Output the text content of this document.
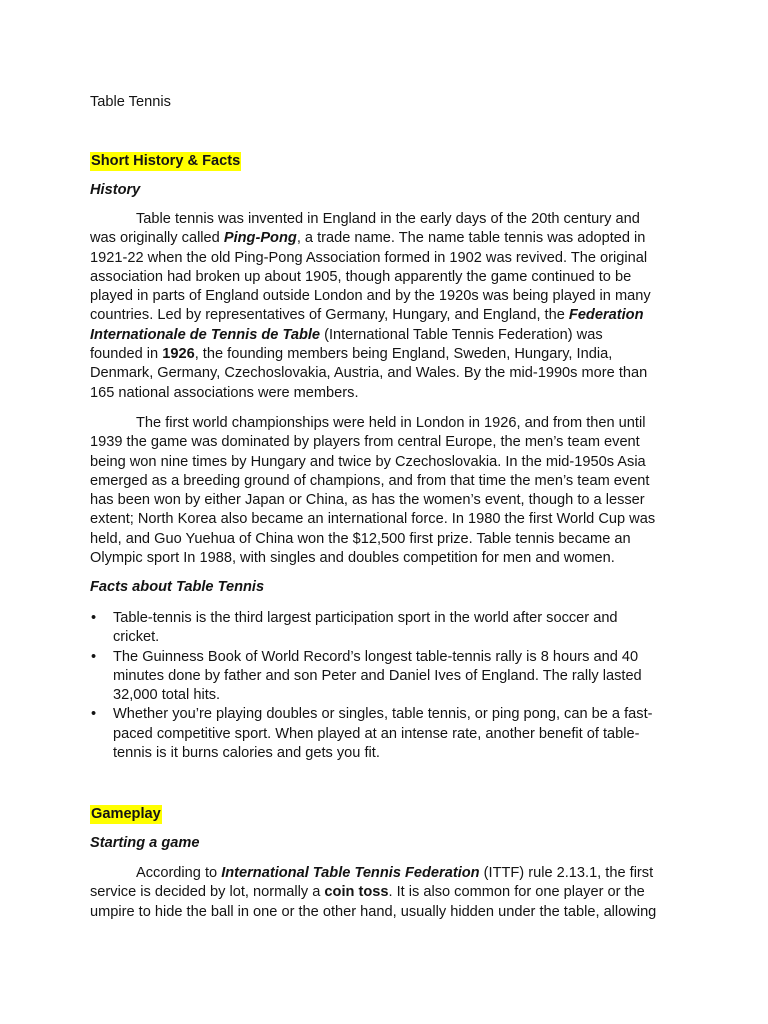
Table Tennis
Short History & Facts
History
Table tennis was invented in England in the early days of the 20th century and
was originally called Ping-Pong, a trade name. The name table tennis was adopted in
1921-22 when the old Ping-Pong Association formed in 1902 was revived. The original
association had broken up about 1905, though apparently the game continued to be
played in parts of England outside London and by the 1920s was being played in many
countries. Led by representatives of Germany, Hungary, and England, the Federation
Internationale de Tennis de Table (International Table Tennis Federation) was
founded in 1926, the founding members being England, Sweden, Hungary, India,
Denmark, Germany, Czechoslovakia, Austria, and Wales. By the mid-1990s more than
165 national associations were members.
The first world championships were held in London in 1926, and from then until
1939 the game was dominated by players from central Europe, the men’s team event
being won nine times by Hungary and twice by Czechoslovakia. In the mid-1950s Asia
emerged as a breeding ground of champions, and from that time the men’s team event
has been won by either Japan or China, as has the women’s event, though to a lesser
extent; North Korea also became an international force. In 1980 the first World Cup was
held, and Guo Yuehua of China won the $12,500 first prize. Table tennis became an
Olympic sport In 1988, with singles and doubles competition for men and women.
Facts about Table Tennis
• Table-tennis is the third largest participation sport in the world after soccer and
cricket.
• The Guinness Book of World Record’s longest table-tennis rally is 8 hours and 40
minutes done by father and son Peter and Daniel Ives of England. The rally lasted
32,000 total hits.
• Whether you’re playing doubles or singles, table tennis, or ping pong, can be a fast-
paced competitive sport. When played at an intense rate, another benefit of table-
tennis is it burns calories and gets you fit.
Gameplay
Starting a game
According to International Table Tennis Federation (ITTF) rule 2.13.1, the first
service is decided by lot, normally a coin toss. It is also common for one player or the
umpire to hide the ball in one or the other hand, usually hidden under the table, allowing
